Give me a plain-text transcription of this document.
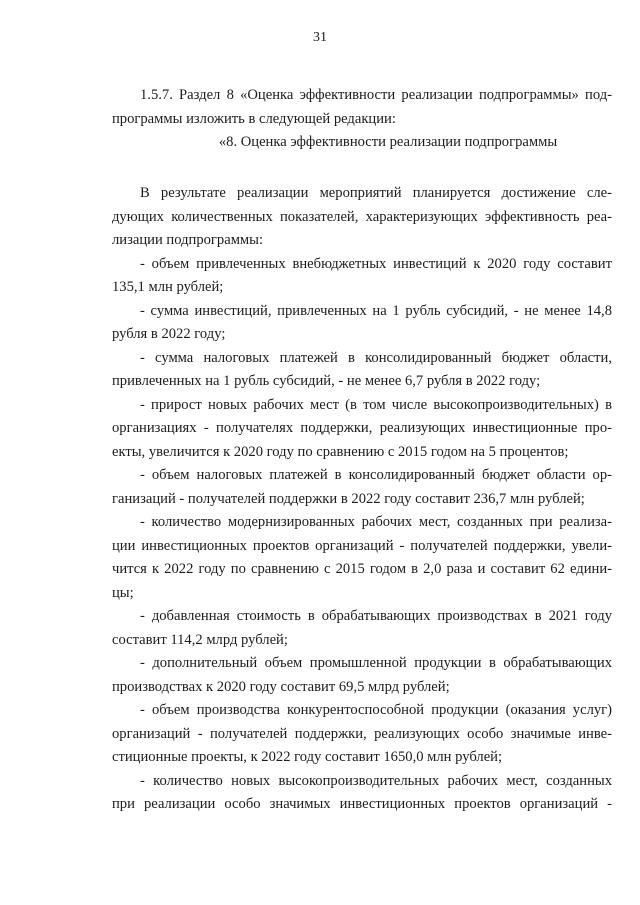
31
1.5.7. Раздел 8 «Оценка эффективности реализации подпрограммы» под-
программы изложить в следующей редакции:
«8. Оценка эффективности реализации подпрограммы
В результате реализации мероприятий планируется достижение сле-
дующих количественных показателей, характеризующих эффективность реа-
лизации подпрограммы:
- объем привлеченных внебюджетных инвестиций к 2020 году составит
135,1 млн рублей;
- сумма инвестиций, привлеченных на 1 рубль субсидий, - не менее 14,8
рубля в 2022 году;
- сумма налоговых платежей в консолидированный бюджет области,
привлеченных на 1 рубль субсидий, - не менее 6,7 рубля в 2022 году;
- прирост новых рабочих мест (в том числе высокопроизводительных) в
организациях - получателях поддержки, реализующих инвестиционные про-
екты, увеличится к 2020 году по сравнению с 2015 годом на 5 процентов;
- объем налоговых платежей в консолидированный бюджет области ор-
ганизаций - получателей поддержки в 2022 году составит 236,7 млн рублей;
- количество модернизированных рабочих мест, созданных при реализа-
ции инвестиционных проектов организаций - получателей поддержки, увели-
чится к 2022 году по сравнению с 2015 годом в 2,0 раза и составит 62 едини-
цы;
- добавленная стоимость в обрабатывающих производствах в 2021 году
составит 114,2 млрд рублей;
- дополнительный объем промышленной продукции в обрабатывающих
производствах к 2020 году составит 69,5 млрд рублей;
- объем производства конкурентоспособной продукции (оказания услуг)
организаций - получателей поддержки, реализующих особо значимые инве-
стиционные проекты, к 2022 году составит 1650,0 млн рублей;
- количество новых высокопроизводительных рабочих мест, созданных
при реализации особо значимых инвестиционных проектов организаций -
